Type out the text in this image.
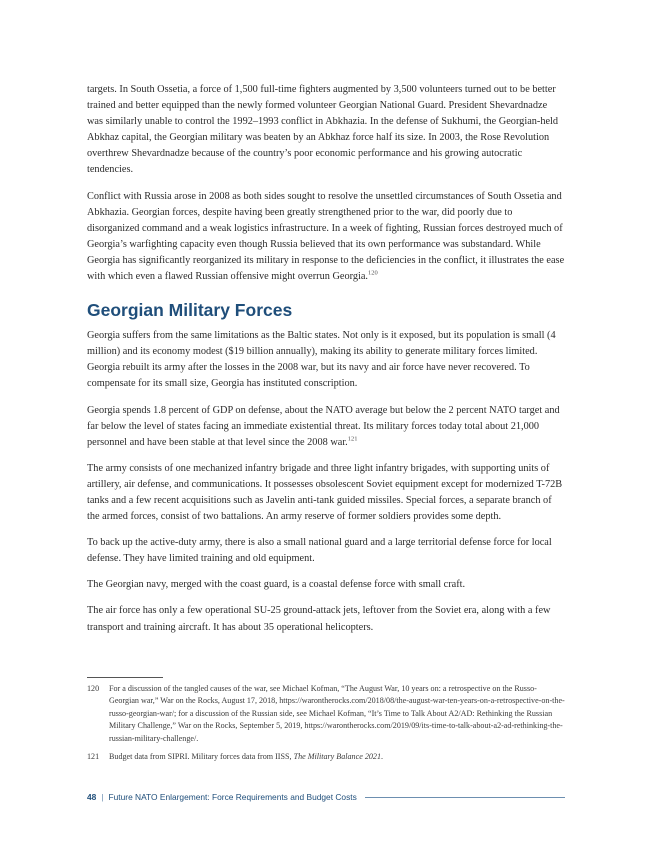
targets. In South Ossetia, a force of 1,500 full-time fighters augmented by 3,500 volunteers turned out to be better trained and better equipped than the newly formed volunteer Georgian National Guard. President Shevardnadze was similarly unable to control the 1992–1993 conflict in Abkhazia. In the defense of Sukhumi, the Georgian-held Abkhaz capital, the Georgian military was beaten by an Abkhaz force half its size. In 2003, the Rose Revolution overthrew Shevardnadze because of the country’s poor economic performance and his growing autocratic tendencies.

Conflict with Russia arose in 2008 as both sides sought to resolve the unsettled circumstances of South Ossetia and Abkhazia. Georgian forces, despite having been greatly strengthened prior to the war, did poorly due to disorganized command and a weak logistics infrastructure. In a week of fighting, Russian forces destroyed much of Georgia’s warfighting capacity even though Russia believed that its own performance was substandard. While Georgia has significantly reorganized its military in response to the deficiencies in the conflict, it illustrates the ease with which even a flawed Russian offensive might overrun Georgia.$^{120}$

Georgian Military Forces

Georgia suffers from the same limitations as the Baltic states. Not only is it exposed, but its population is small (4 million) and its economy modest ($19 billion annually), making its ability to generate military forces limited. Georgia rebuilt its army after the losses in the 2008 war, but its navy and air force have never recovered. To compensate for its small size, Georgia has instituted conscription.

Georgia spends 1.8 percent of GDP on defense, about the NATO average but below the 2 percent NATO target and far below the level of states facing an immediate existential threat. Its military forces today total about 21,000 personnel and have been stable at that level since the 2008 war.$^{121}$

The army consists of one mechanized infantry brigade and three light infantry brigades, with supporting units of artillery, air defense, and communications. It possesses obsolescent Soviet equipment except for modernized T-72B tanks and a few recent acquisitions such as Javelin anti-tank guided missiles. Special forces, a separate branch of the armed forces, consist of two battalions. An army reserve of former soldiers provides some depth.

To back up the active-duty army, there is also a small national guard and a large territorial defense force for local defense. They have limited training and old equipment.

The Georgian navy, merged with the coast guard, is a coastal defense force with small craft.

The air force has only a few operational SU-25 ground-attack jets, leftover from the Soviet era, along with a few transport and training aircraft. It has about 35 operational helicopters.

120	For a discussion of the tangled causes of the war, see Michael Kofman, “The August War, 10 years on: a retrospective on the Russo- Georgian war,” War on the Rocks, August 17, 2018, https://warontherocks.com/2018/08/the-august-war-ten-years-on-a-retrospective-on-the-russo-georgian-war/; for a discussion of the Russian side, see Michael Kofman, “It’s Time to Talk About A2/AD: Rethinking the Russian Military Challenge,” War on the Rocks, September 5, 2019, https://warontherocks.com/2019/09/its-time-to-talk-about-a2-ad-rethinking-the-russian-military-challenge/.
121	Budget data from SIPRI. Military forces data from IISS, The Military Balance 2021.
48 | Future NATO Enlargement: Force Requirements and Budget Costs
